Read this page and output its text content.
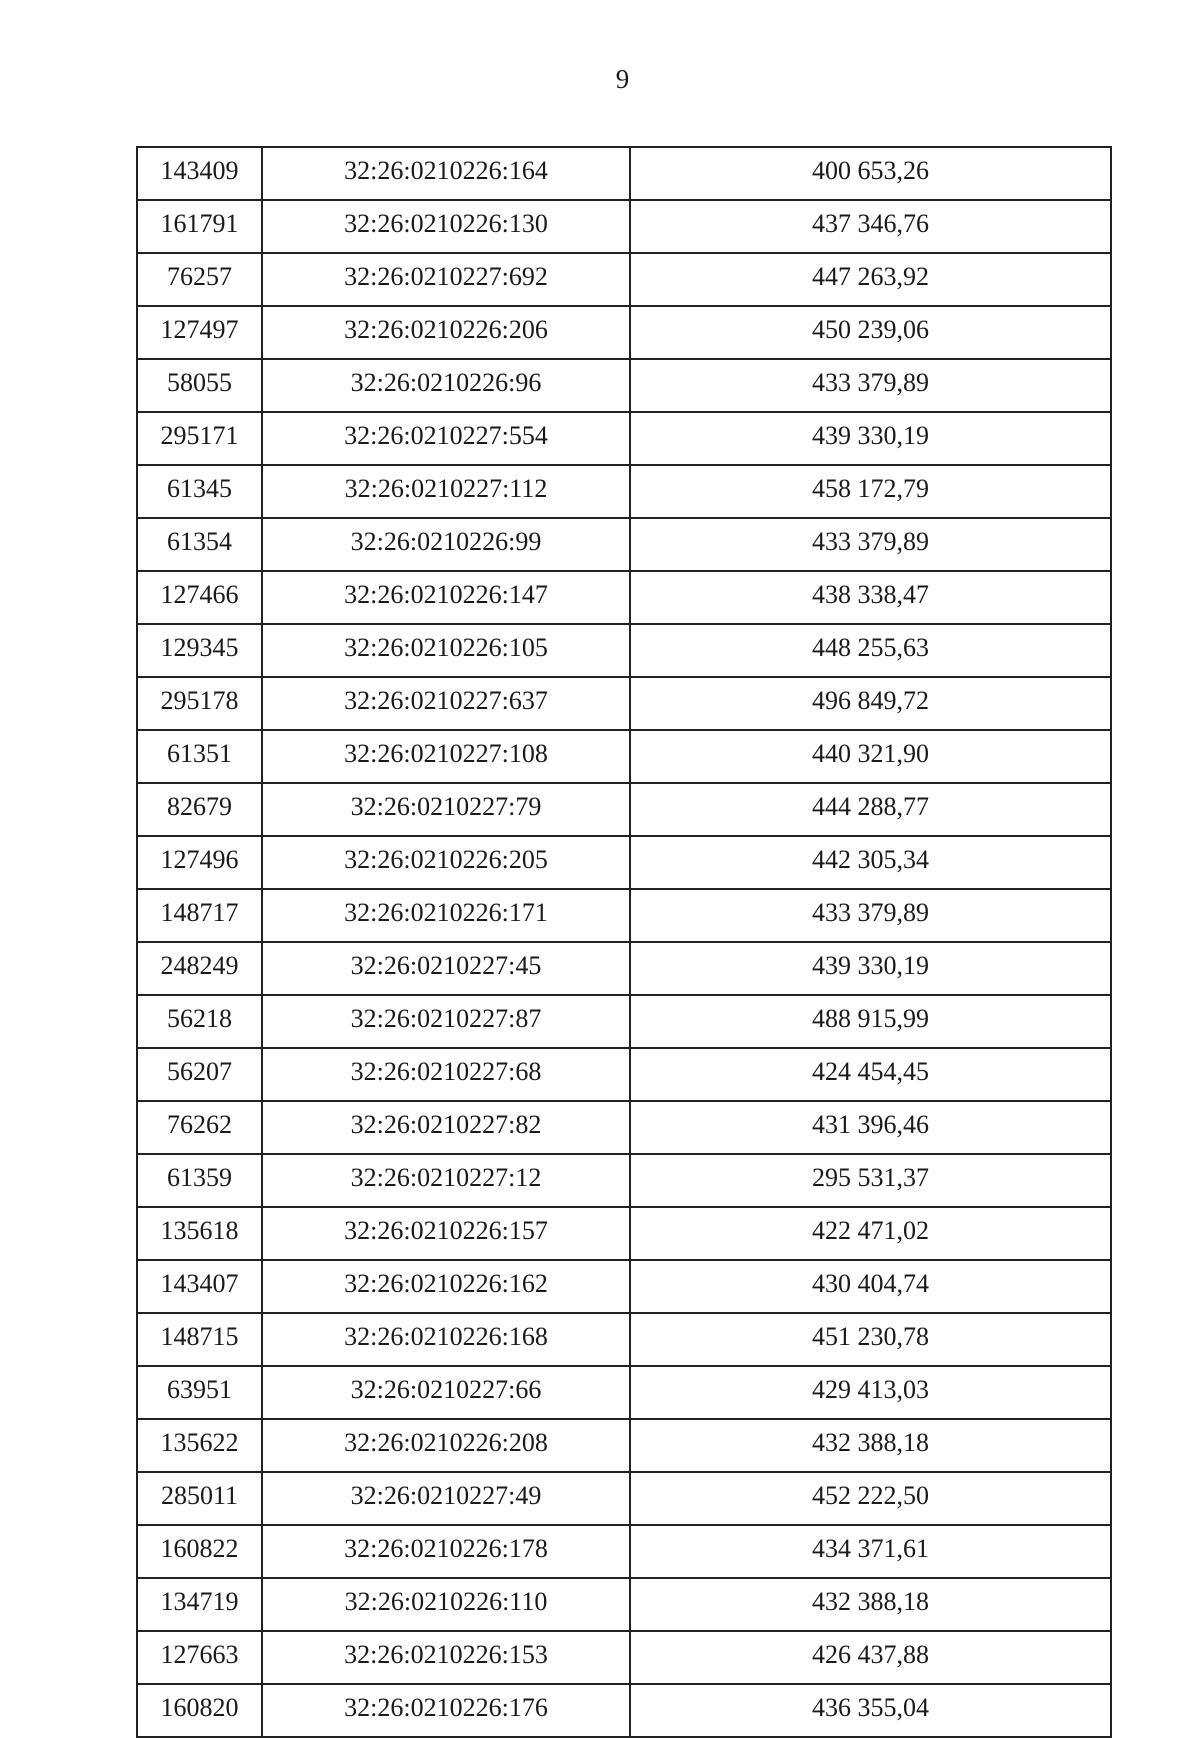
9
143409	32:26:0210226:164	400 653,26
161791	32:26:0210226:130	437 346,76
76257	32:26:0210227:692	447 263,92
127497	32:26:0210226:206	450 239,06
58055	32:26:0210226:96	433 379,89
295171	32:26:0210227:554	439 330,19
61345	32:26:0210227:112	458 172,79
61354	32:26:0210226:99	433 379,89
127466	32:26:0210226:147	438 338,47
129345	32:26:0210226:105	448 255,63
295178	32:26:0210227:637	496 849,72
61351	32:26:0210227:108	440 321,90
82679	32:26:0210227:79	444 288,77
127496	32:26:0210226:205	442 305,34
148717	32:26:0210226:171	433 379,89
248249	32:26:0210227:45	439 330,19
56218	32:26:0210227:87	488 915,99
56207	32:26:0210227:68	424 454,45
76262	32:26:0210227:82	431 396,46
61359	32:26:0210227:12	295 531,37
135618	32:26:0210226:157	422 471,02
143407	32:26:0210226:162	430 404,74
148715	32:26:0210226:168	451 230,78
63951	32:26:0210227:66	429 413,03
135622	32:26:0210226:208	432 388,18
285011	32:26:0210227:49	452 222,50
160822	32:26:0210226:178	434 371,61
134719	32:26:0210226:110	432 388,18
127663	32:26:0210226:153	426 437,88
160820	32:26:0210226:176	436 355,04
